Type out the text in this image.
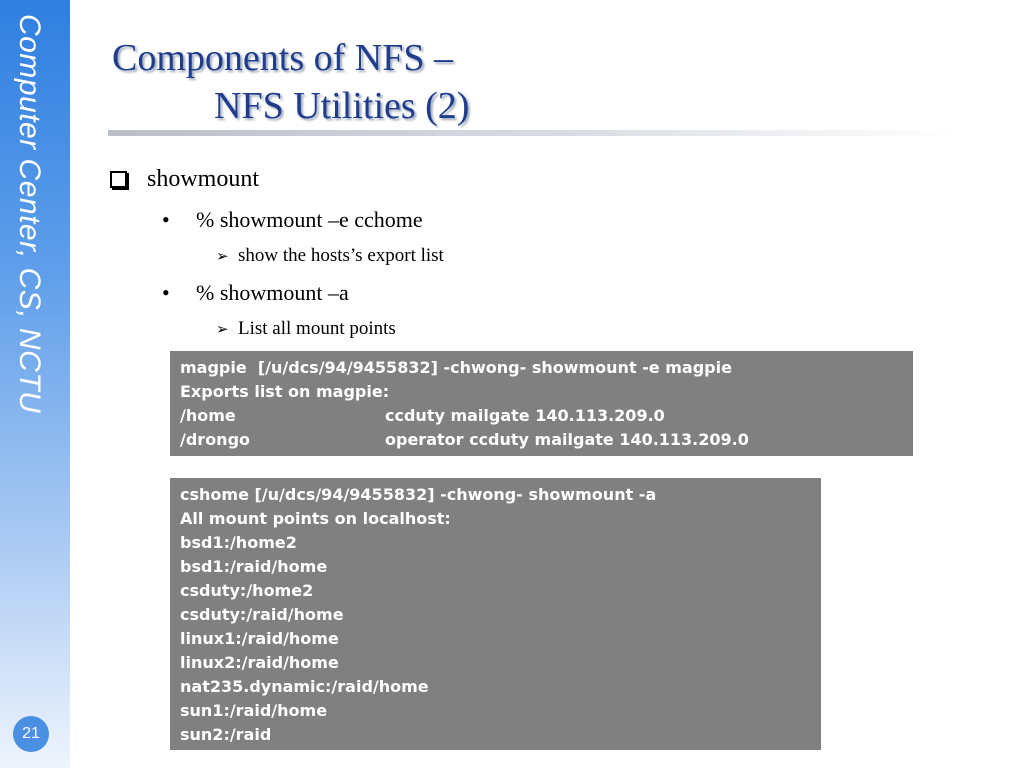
Computer Center, CS, NCTU
21
Components of NFS –
NFS Utilities (2)
showmount
• % showmount –e cchome
➢ show the hosts’s export list
• % showmount –a
➢ List all mount points
magpie  [/u/dcs/94/9455832] -chwong- showmount -e magpie
Exports list on magpie:
/home	ccduty mailgate 140.113.209.0
/drongo	operator ccduty mailgate 140.113.209.0
cshome [/u/dcs/94/9455832] -chwong- showmount -a
All mount points on localhost:
bsd1:/home2
bsd1:/raid/home
csduty:/home2
csduty:/raid/home
linux1:/raid/home
linux2:/raid/home
nat235.dynamic:/raid/home
sun1:/raid/home
sun2:/raid
